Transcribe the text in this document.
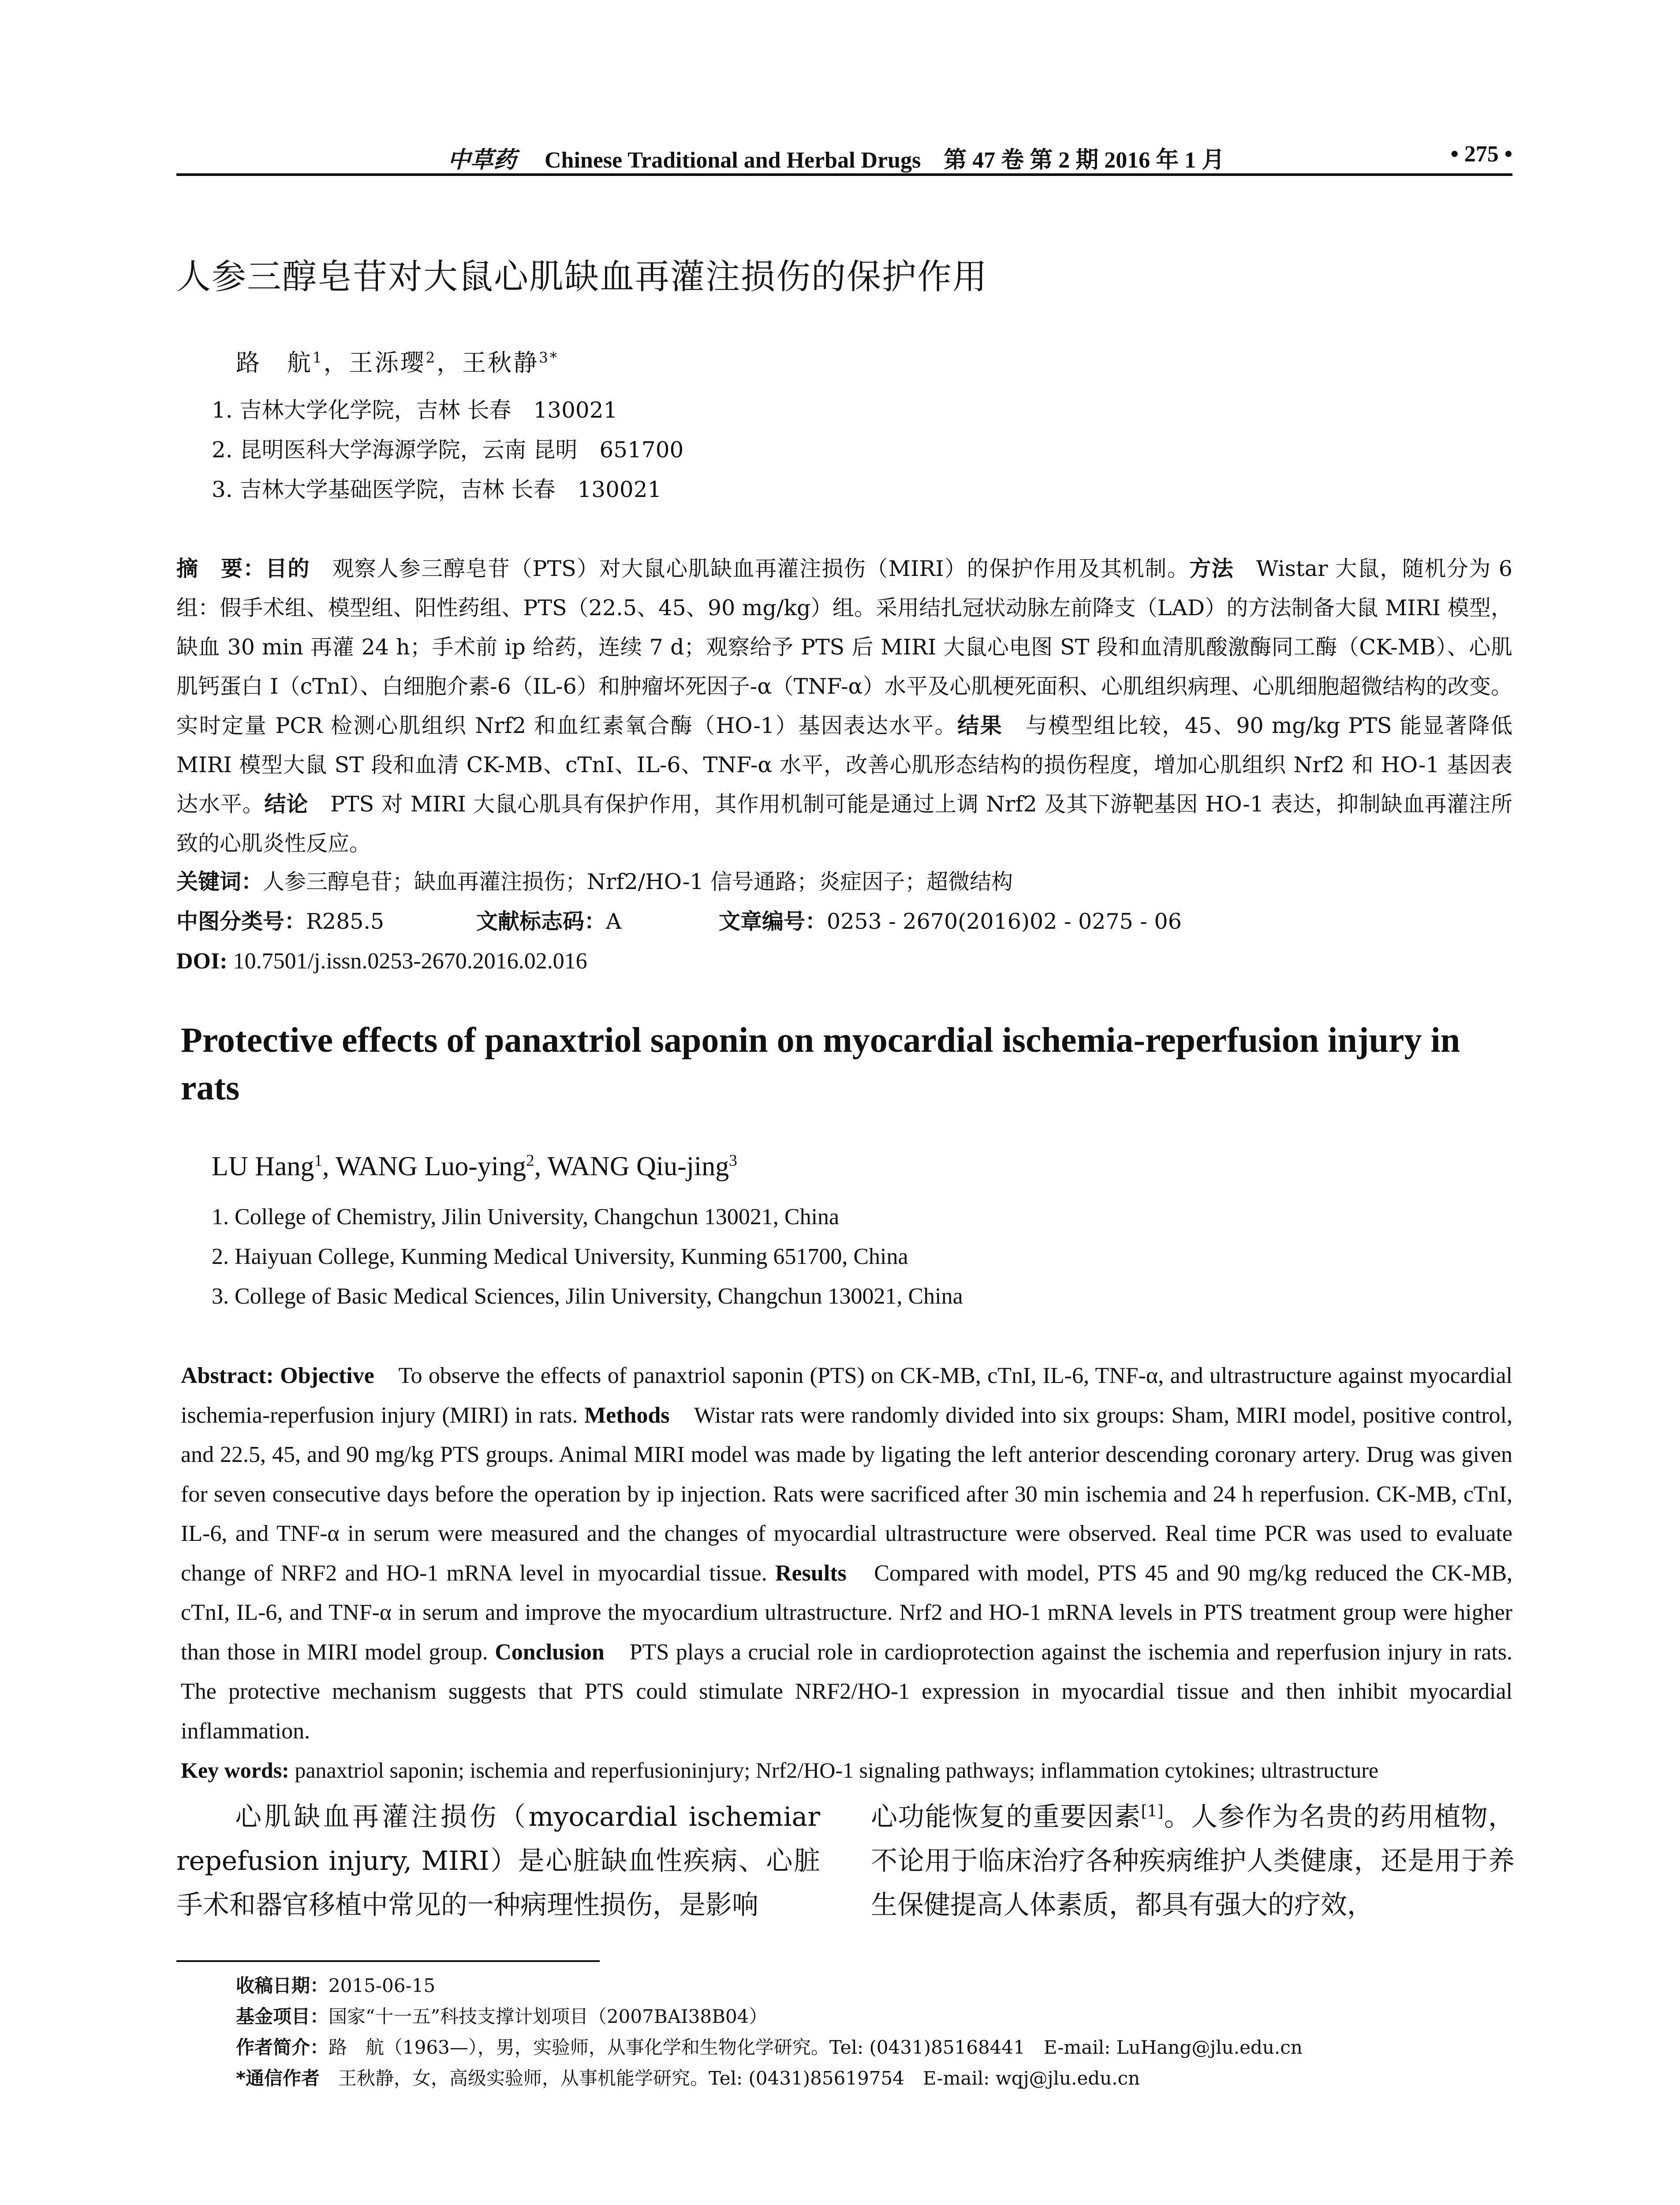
中草药 Chinese Traditional and Herbal Drugs　第 47 卷 第 2 期 2016 年 1 月	• 275 •
人参三醇皂苷对大鼠心肌缺血再灌注损伤的保护作用
路　航$^1$，王泺璎$^2$，王秋静$^{3*}$
1. 吉林大学化学院，吉林 长春　130021
2. 昆明医科大学海源学院，云南 昆明　651700
3. 吉林大学基础医学院，吉林 长春　130021
摘　要：目的　观察人参三醇皂苷（PTS）对大鼠心肌缺血再灌注损伤（MIRI）的保护作用及其机制。方法　Wistar 大鼠，随机分为 6 组：假手术组、模型组、阳性药组、PTS（22.5、45、90 mg/kg）组。采用结扎冠状动脉左前降支（LAD）的方法制备大鼠 MIRI 模型，缺血 30 min 再灌 24 h；手术前 ip 给药，连续 7 d；观察给予 PTS 后 MIRI 大鼠心电图 ST 段和血清肌酸激酶同工酶（CK-MB）、心肌肌钙蛋白 I（cTnI）、白细胞介素-6（IL-6）和肿瘤坏死因子-α（TNF-α）水平及心肌梗死面积、心肌组织病理、心肌细胞超微结构的改变。实时定量 PCR 检测心肌组织 Nrf2 和血红素氧合酶（HO-1）基因表达水平。结果　与模型组比较，45、90 mg/kg PTS 能显著降低 MIRI 模型大鼠 ST 段和血清 CK-MB、cTnI、IL-6、TNF-α 水平，改善心肌形态结构的损伤程度，增加心肌组织 Nrf2 和 HO-1 基因表达水平。结论　PTS 对 MIRI 大鼠心肌具有保护作用，其作用机制可能是通过上调 Nrf2 及其下游靶基因 HO-1 表达，抑制缺血再灌注所致的心肌炎性反应。
关键词：人参三醇皂苷；缺血再灌注损伤；Nrf2/HO-1 信号通路；炎症因子；超微结构
中图分类号：R285.5	文献标志码：A	文章编号：0253 - 2670(2016)02 - 0275 - 06
DOI: 10.7501/j.issn.0253-2670.2016.02.016
Protective effects of panaxtriol saponin on myocardial ischemia-reperfusion injury in rats
LU Hang$^1$, WANG Luo-ying$^2$, WANG Qiu-jing$^3$
1. College of Chemistry, Jilin University, Changchun 130021, China
2. Haiyuan College, Kunming Medical University, Kunming 651700, China
3. College of Basic Medical Sciences, Jilin University, Changchun 130021, China
Abstract: Objective　To observe the effects of panaxtriol saponin (PTS) on CK-MB, cTnI, IL-6, TNF-α, and ultrastructure against myocardial ischemia-reperfusion injury (MIRI) in rats. Methods　Wistar rats were randomly divided into six groups: Sham, MIRI model, positive control, and 22.5, 45, and 90 mg/kg PTS groups. Animal MIRI model was made by ligating the left anterior descending coronary artery. Drug was given for seven consecutive days before the operation by ip injection. Rats were sacrificed after 30 min ischemia and 24 h reperfusion. CK-MB, cTnI, IL-6, and TNF-α in serum were measured and the changes of myocardial ultrastructure were observed. Real time PCR was used to evaluate change of NRF2 and HO-1 mRNA level in myocardial tissue. Results　Compared with model, PTS 45 and 90 mg/kg reduced the CK-MB, cTnI, IL-6, and TNF-α in serum and improve the myocardium ultrastructure. Nrf2 and HO-1 mRNA levels in PTS treatment group were higher than those in MIRI model group. Conclusion　PTS plays a crucial role in cardioprotection against the ischemia and reperfusion injury in rats. The protective mechanism suggests that PTS could stimulate NRF2/HO-1 expression in myocardial tissue and then inhibit myocardial inflammation.
Key words: panaxtriol saponin; ischemia and reperfusioninjury; Nrf2/HO-1 signaling pathways; inflammation cytokines; ultrastructure
　　心肌缺血再灌注损伤（myocardial ischemiar repefusion injury, MIRI）是心脏缺血性疾病、心脏手术和器官移植中常见的一种病理性损伤，是影响
心功能恢复的重要因素[1]。人参作为名贵的药用植物，不论用于临床治疗各种疾病维护人类健康，还是用于养生保健提高人体素质，都具有强大的疗效，
收稿日期：2015-06-15
基金项目：国家“十一五”科技支撑计划项目（2007BAI38B04）
作者简介：路　航（1963—），男，实验师，从事化学和生物化学研究。Tel: (0431)85168441　E-mail: LuHang@jlu.edu.cn
*通信作者　王秋静，女，高级实验师，从事机能学研究。Tel: (0431)85619754　E-mail: wqj@jlu.edu.cn
